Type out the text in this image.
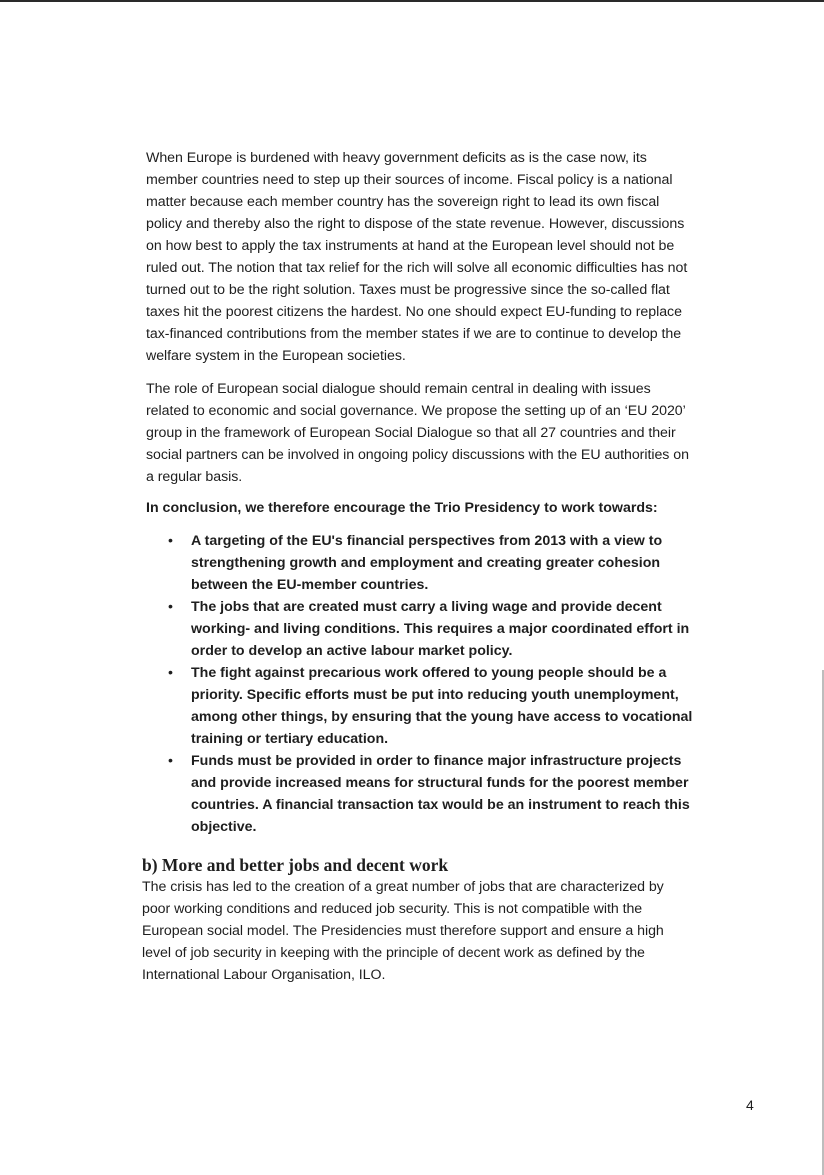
When Europe is burdened with heavy government deficits as is the case now, its member countries need to step up their sources of income. Fiscal policy is a national matter because each member country has the sovereign right to lead its own fiscal policy and thereby also the right to dispose of the state revenue. However, discussions on how best to apply the tax instruments at hand at the European level should not be ruled out. The notion that tax relief for the rich will solve all economic difficulties has not turned out to be the right solution. Taxes must be progressive since the so-called flat taxes hit the poorest citizens the hardest. No one should expect EU-funding to replace tax-financed contributions from the member states if we are to continue to develop the welfare system in the European societies.

The role of European social dialogue should remain central in dealing with issues related to economic and social governance. We propose the setting up of an ‘EU 2020’ group in the framework of European Social Dialogue so that all 27 countries and their social partners can be involved in ongoing policy discussions with the EU authorities on a regular basis.

In conclusion, we therefore encourage the Trio Presidency to work towards:

• A targeting of the EU's financial perspectives from 2013 with a view to strengthening growth and employment and creating greater cohesion between the EU-member countries.
• The jobs that are created must carry a living wage and provide decent working- and living conditions. This requires a major coordinated effort in order to develop an active labour market policy.
• The fight against precarious work offered to young people should be a priority. Specific efforts must be put into reducing youth unemployment, among other things, by ensuring that the young have access to vocational training or tertiary education.
• Funds must be provided in order to finance major infrastructure projects and provide increased means for structural funds for the poorest member countries. A financial transaction tax would be an instrument to reach this objective.
b) More and better jobs and decent work

The crisis has led to the creation of a great number of jobs that are characterized by poor working conditions and reduced job security. This is not compatible with the European social model. The Presidencies must therefore support and ensure a high level of job security in keeping with the principle of decent work as defined by the International Labour Organisation, ILO.

4
